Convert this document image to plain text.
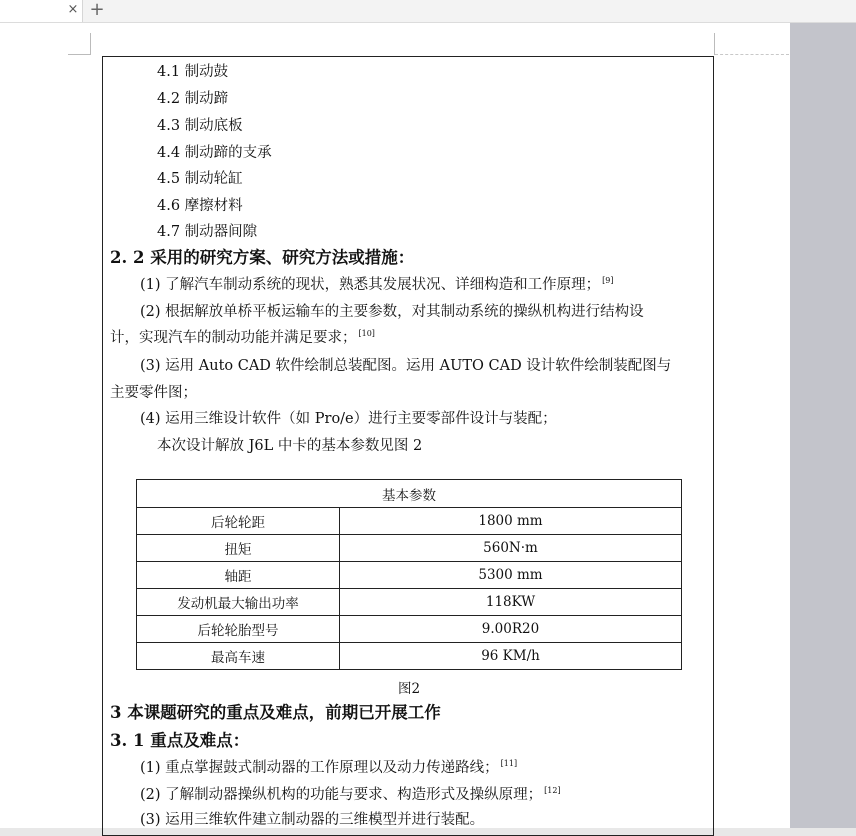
× +
4.1 制动鼓
4.2 制动蹄
4.3 制动底板
4.4 制动蹄的支承
4.5 制动轮缸
4.6 摩擦材料
4.7 制动器间隙
2. 2 采用的研究方案、研究方法或措施：
(1) 了解汽车制动系统的现状，熟悉其发展状况、详细构造和工作原理； [9]
(2) 根据解放单桥平板运输车的主要参数，对其制动系统的操纵机构进行结构设
计，实现汽车的制动功能并满足要求； [10]
(3) 运用 Auto CAD 软件绘制总装配图。运用 AUTO CAD 设计软件绘制装配图与
主要零件图；
(4) 运用三维设计软件（如 Pro/e）进行主要零部件设计与装配；
本次设计解放 J6L 中卡的基本参数见图 2
基本参数	
后轮轮距	1800 mm
扭矩	560N·m
轴距	5300 mm
发动机最大输出功率	118KW
后轮轮胎型号	9.00R20
最高车速	96 KM/h
图2
3 本课题研究的重点及难点，前期已开展工作
3. 1 重点及难点：
(1) 重点掌握鼓式制动器的工作原理以及动力传递路线； [11]
(2) 了解制动器操纵机构的功能与要求、构造形式及操纵原理； [12]
(3) 运用三维软件建立制动器的三维模型并进行装配。
